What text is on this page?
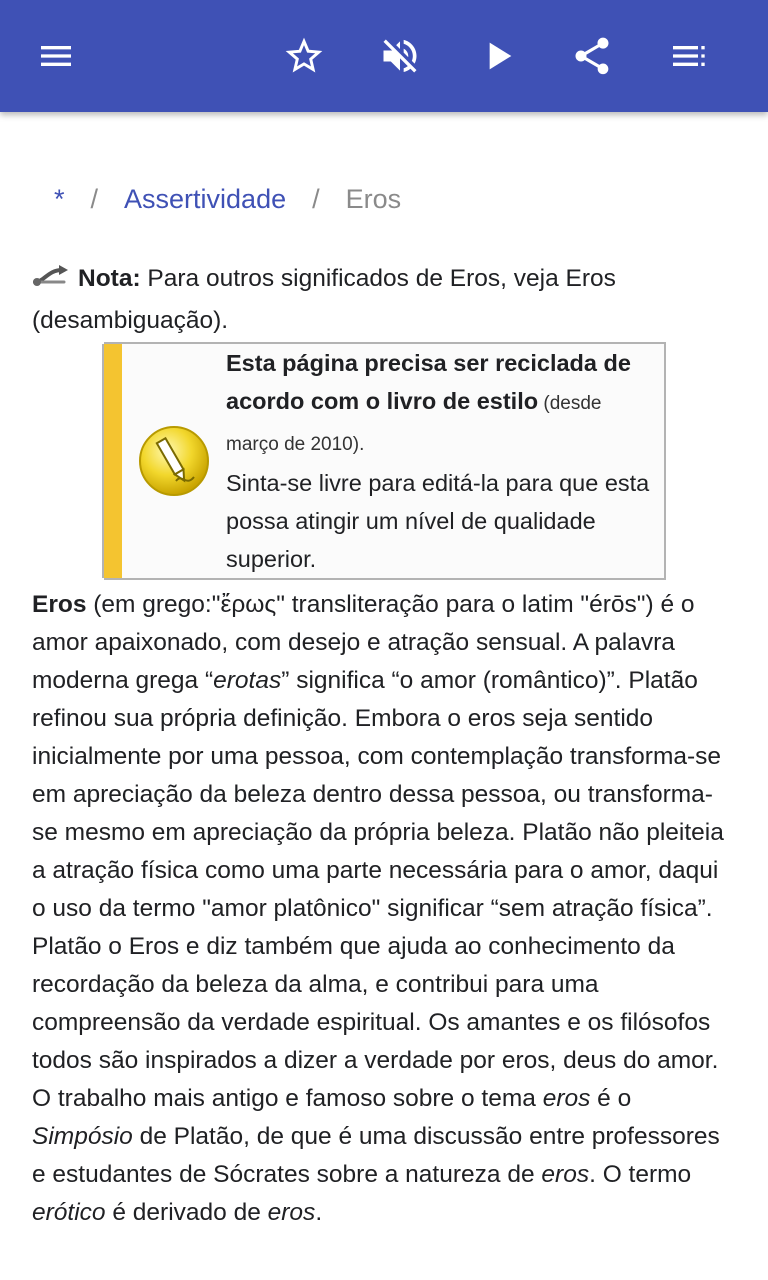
* / Assertividade / Eros

Nota: Para outros significados de Eros, veja Eros (desambiguação).

Esta página precisa ser reciclada de acordo com o livro de estilo (desde março de 2010).
Sinta-se livre para editá-la para que esta possa atingir um nível de qualidade superior.

Eros (em grego:"ἔρως" transliteração para o latim "érōs") é o amor apaixonado, com desejo e atração sensual. A palavra moderna grega “erotas” significa “o amor (romântico)”. Platão refinou sua própria definição. Embora o eros seja sentido inicialmente por uma pessoa, com contemplação transforma-se em apreciação da beleza dentro dessa pessoa, ou transforma-se mesmo em apreciação da própria beleza. Platão não pleiteia a atração física como uma parte necessária para o amor, daqui o uso da termo "amor platônico" significar “sem atração física”. Platão o Eros e diz também que ajuda ao conhecimento da recordação da beleza da alma, e contribui para uma compreensão da verdade espiritual. Os amantes e os filósofos todos são inspirados a dizer a verdade por eros, deus do amor. O trabalho mais antigo e famoso sobre o tema eros é o Simpósio de Platão, de que é uma discussão entre professores e estudantes de Sócrates sobre a natureza de eros. O termo erótico é derivado de eros.
